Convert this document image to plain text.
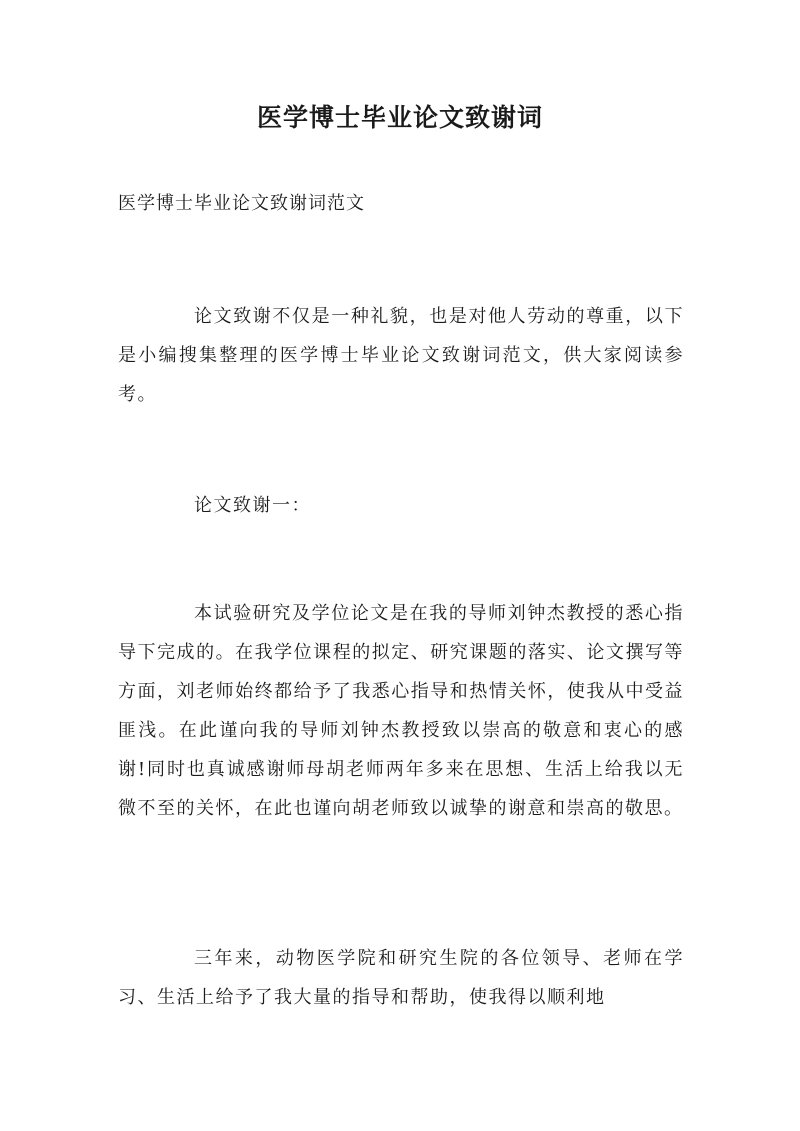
医学博士毕业论文致谢词

医学博士毕业论文致谢词范文

论文致谢不仅是一种礼貌，也是对他人劳动的尊重，以下是小编搜集整理的医学博士毕业论文致谢词范文，供大家阅读参考。

论文致谢一：

本试验研究及学位论文是在我的导师刘钟杰教授的悉心指导下完成的。在我学位课程的拟定、研究课题的落实、论文撰写等方面，刘老师始终都给予了我悉心指导和热情关怀，使我从中受益匪浅。在此谨向我的导师刘钟杰教授致以崇高的敬意和衷心的感谢!同时也真诚感谢师母胡老师两年多来在思想、生活上给我以无微不至的关怀，在此也谨向胡老师致以诚挚的谢意和崇高的敬思。

三年来，动物医学院和研究生院的各位领导、老师在学习、生活上给予了我大量的指导和帮助，使我得以顺利地
